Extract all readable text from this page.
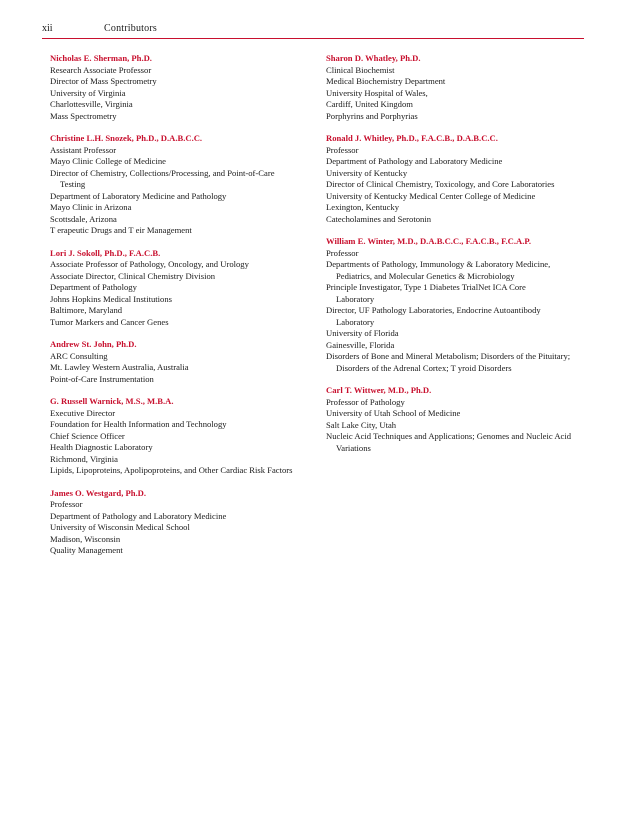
xii	Contributors
Nicholas E. Sherman, Ph.D.
Research Associate Professor
Director of Mass Spectrometry
University of Virginia
Charlottesville, Virginia
Mass Spectrometry
Christine L.H. Snozek, Ph.D., D.A.B.C.C.
Assistant Professor
Mayo Clinic College of Medicine
Director of Chemistry, Collections/Processing, and Point-of-Care
Testing
Department of Laboratory Medicine and Pathology
Mayo Clinic in Arizona
Scottsdale, Arizona
T erapeutic Drugs and T eir Management
Lori J. Sokoll, Ph.D., F.A.C.B.
Associate Professor of Pathology, Oncology, and Urology
Associate Director, Clinical Chemistry Division
Department of Pathology
Johns Hopkins Medical Institutions
Baltimore, Maryland
Tumor Markers and Cancer Genes
Andrew St. John, Ph.D.
ARC Consulting
Mt. Lawley Western Australia, Australia
Point-of-Care Instrumentation
G. Russell Warnick, M.S., M.B.A.
Executive Director
Foundation for Health Information and Technology
Chief Science Officer
Health Diagnostic Laboratory
Richmond, Virginia
Lipids, Lipoproteins, Apolipoproteins, and Other Cardiac Risk Factors
James O. Westgard, Ph.D.
Professor
Department of Pathology and Laboratory Medicine
University of Wisconsin Medical School
Madison, Wisconsin
Quality Management
Sharon D. Whatley, Ph.D.
Clinical Biochemist
Medical Biochemistry Department
University Hospital of Wales,
Cardiff, United Kingdom
Porphyrins and Porphyrias
Ronald J. Whitley, Ph.D., F.A.C.B., D.A.B.C.C.
Professor
Department of Pathology and Laboratory Medicine
University of Kentucky
Director of Clinical Chemistry, Toxicology, and Core Laboratories
University of Kentucky Medical Center College of Medicine
Lexington, Kentucky
Catecholamines and Serotonin
William E. Winter, M.D., D.A.B.C.C., F.A.C.B., F.C.A.P.
Professor
Departments of Pathology, Immunology & Laboratory Medicine,
Pediatrics, and Molecular Genetics & Microbiology
Principle Investigator, Type 1 Diabetes TrialNet ICA Core
Laboratory
Director, UF Pathology Laboratories, Endocrine Autoantibody
Laboratory
University of Florida
Gainesville, Florida
Disorders of Bone and Mineral Metabolism; Disorders of the Pituitary;
Disorders of the Adrenal Cortex; T yroid Disorders
Carl T. Wittwer, M.D., Ph.D.
Professor of Pathology
University of Utah School of Medicine
Salt Lake City, Utah
Nucleic Acid Techniques and Applications; Genomes and Nucleic Acid
Variations
